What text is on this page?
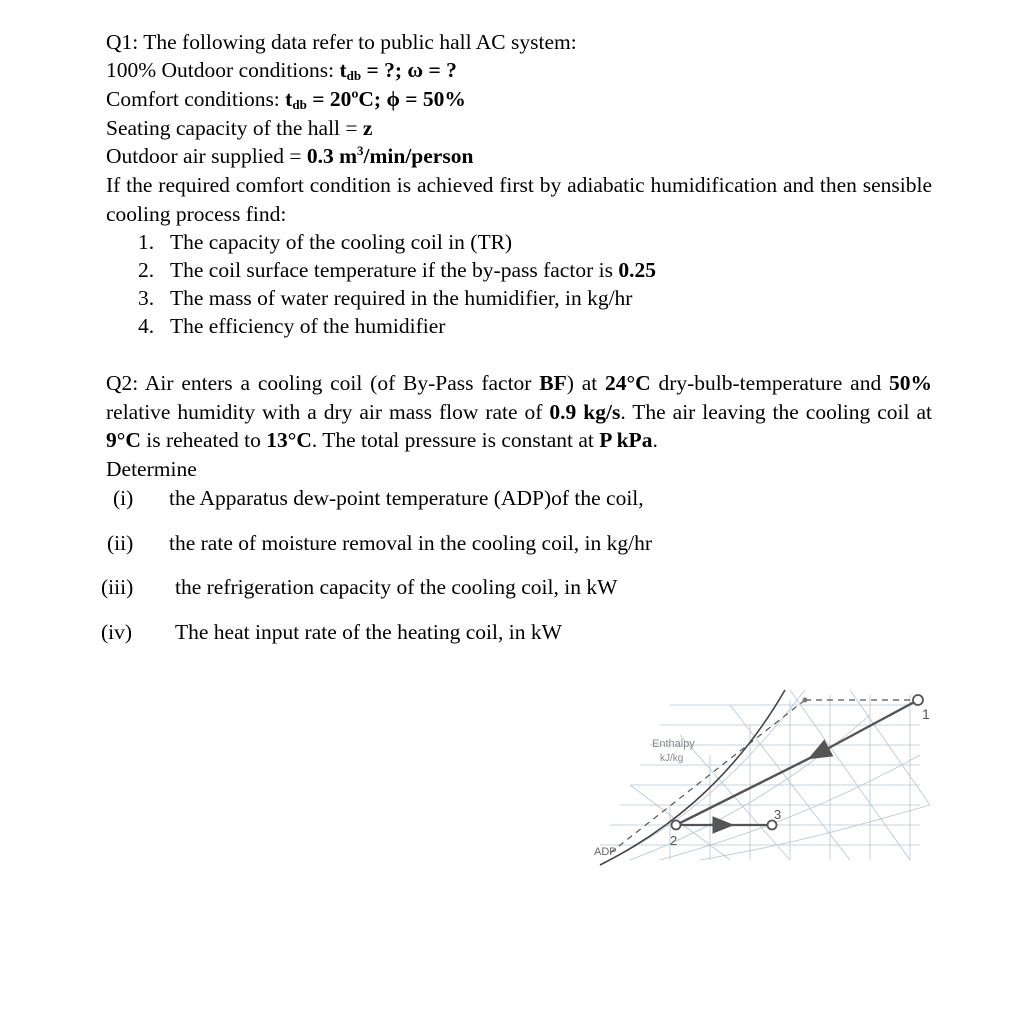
Q1: The following data refer to public hall AC system:
100% Outdoor conditions: $t_{db}$ = ?; ω = ?
Comfort conditions: $t_{db}$ = 20ºC; ϕ = 50%
Seating capacity of the hall = z
Outdoor air supplied = 0.3 $m^3/\min$/person
If the required comfort condition is achieved first by adiabatic humidification and then sensible cooling process find:
1. The capacity of the cooling coil in (TR)
2. The coil surface temperature if the by-pass factor is 0.25
3. The mass of water required in the humidifier, in kg/hr
4. The efficiency of the humidifier
Q2: Air enters a cooling coil (of By-Pass factor BF) at 24°C dry-bulb-temperature and 50% relative humidity with a dry air mass flow rate of 0.9 kg/s. The air leaving the cooling coil at 9°C is reheated to 13°C. The total pressure is constant at P kPa.
Determine
(i) the Apparatus dew-point temperature (ADP)of the coil,
(ii) the rate of moisture removal in the cooling coil, in kg/hr
(iii) the refrigeration capacity of the cooling coil, in kW
(iv) The heat input rate of the heating coil, in kW
1
2
3
ADP
Enthalpy
kJ/kg
